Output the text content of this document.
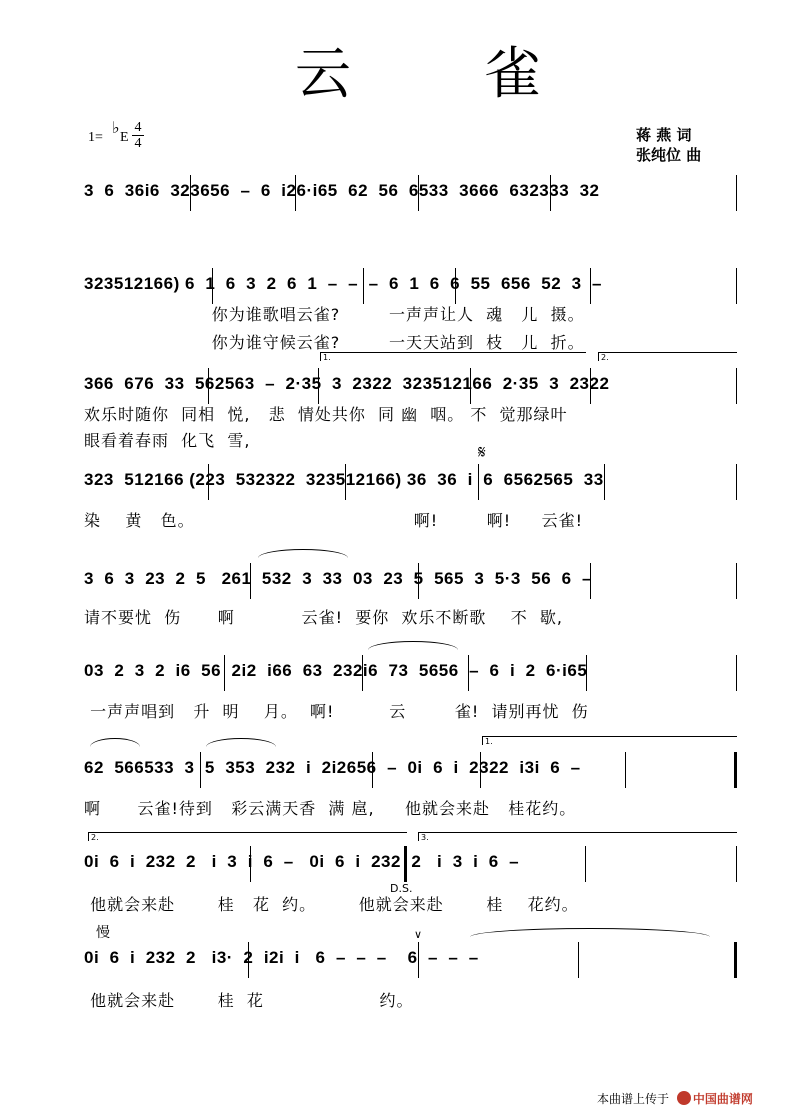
云 雀
1=
♭
E
4
4	蒋 燕 词
张纯位 曲
3  6  36i6  323656  –  6  i26·i65  62  56  6533  3666  632333  32
323512166) 6  1  6  3  2  6  1  –  –  –  6  1  6  6  55  656  52  3  –
你为谁歌唱云雀?        一声声让人  魂   儿  摄。
你为谁守候云雀?        一天天站到  枝   儿  折。
1.	2.
366  676  33  562563  –  2·35  3  2322  323512166  2·35  3  2322
欢乐时随你  同相  悦,   悲  情处共你  同 幽  咽。 不  觉那绿叶
眼看着春雨  化飞  雪,
𝄋
323  512166 (223  532322  323512166) 36  36  i  6  6562565  33
染    黄   色。                                    啊!        啊!     云雀!
3  6  3  23  2  5   261  532  3  33  03  23  5  565  3  5·3  56  6  –
请不要忧  伤      啊           云雀!  要你  欢乐不断歌    不  歇,
03  2  3  2  i6  56  2i2  i66  63  232i6  73  5656  –  6  i  2  6·i65
一声声唱到   升  明    月。  啊!         云        雀!  请别再忧  伤
1.
62  566533  3  5  353  232  i  2i2656  –  0i  6  i  2322  i3i  6  –
啊      云雀!待到   彩云满天香  满 扈,     他就会来赴   桂花约。
2.	3.
0i  6  i  232  2   i  3  i  6  –   0i  6  i  232  2   i  3  i  6  –
D.S.
他就会来赴       桂   花  约。       他就会来赴       桂    花约。
慢	∨
0i  6  i  232  2   i3·  2  i2i  i   6  –  –  –    6  –  –  –
他就会来赴       桂  花                   约。
本曲谱上传于 中国曲谱网
